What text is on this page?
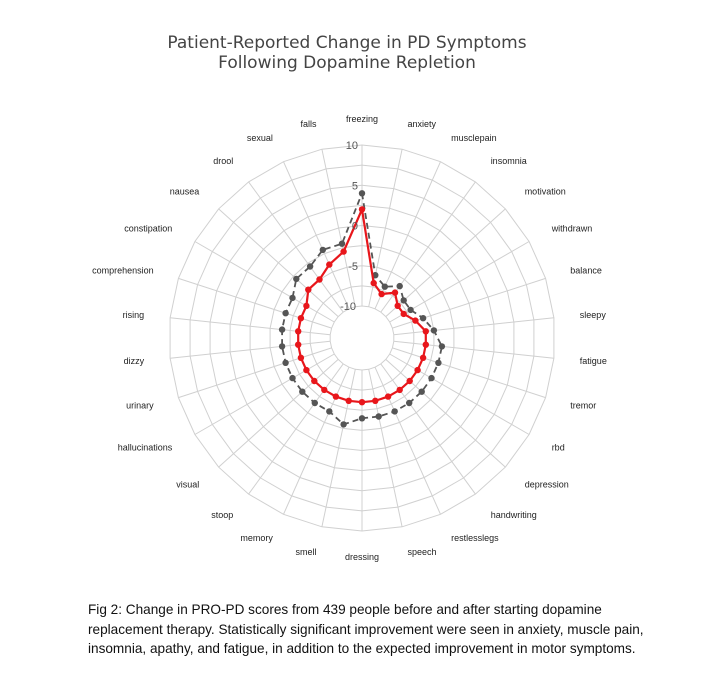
Patient-Reported Change in PD Symptoms
Following Dopamine Repletion
10
5
0
-5
-10
freezing	anxiety
musclepain
insomnia
motivation
withdrawn
balance
sleepy
fatigue
tremor
rbd
depression
handwriting
restlesslegs
speech
dressing
smell
memory
stoop
visual
hallucinations
urinary
dizzy
rising
comprehension
constipation
nausea
drool
sexual
falls
Fig 2: Change in PRO-PD scores from 439 people before and after starting dopamine
replacement therapy. Statistically significant improvement were seen in anxiety, muscle pain,
insomnia, apathy, and fatigue, in addition to the expected improvement in motor symptoms.
